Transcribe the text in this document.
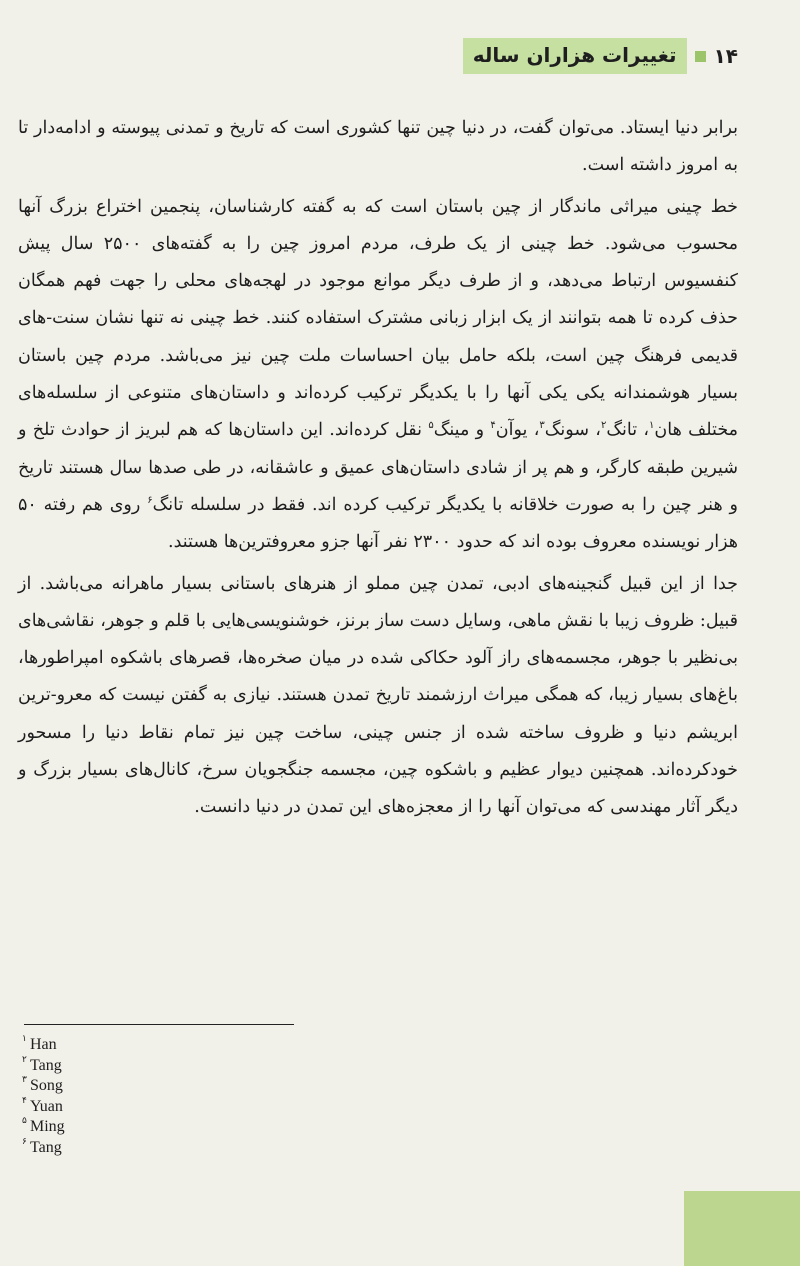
۱۴
تغییرات هزاران ساله

برابر دنیا ایستاد. می‌توان گفت، در دنیا چین تنها کشوری است که تاریخ و تمدنی پیوسته و ادامه‌دار تا به امروز داشته است.

خط چینی میراثی ماندگار از چین باستان است که به گفته کارشناسان، پنجمین اختراع بزرگ آنها محسوب می‌شود. خط چینی از یک طرف، مردم امروز چین را به گفته‌های ۲۵۰۰ سال پیش کنفسیوس ارتباط می‌دهد، و از طرف دیگر موانع موجود در لهجه‌های محلی را جهت فهم همگان حذف کرده تا همه بتوانند از یک ابزار زبانی مشترک استفاده کنند. خط چینی نه تنها نشان سنت-های قدیمی فرهنگ چین است، بلکه حامل بیان احساسات ملت چین نیز می‌باشد. مردم چین باستان بسیار هوشمندانه یکی یکی آنها را با یکدیگر ترکیب کرده‌اند و داستان‌های متنوعی از سلسله‌های مختلف هان$^۱$، تانگ$^۲$، سونگ$^۳$، یوآن$^۴$ و مینگ$^۵$ نقل کرده‌اند. این داستان‌ها که هم لبریز از حوادث تلخ و شیرین طبقه کارگر، و هم پر از شادی داستان‌های عمیق و عاشقانه، در طی صدها سال هستند تاریخ و هنر چین را به صورت خلاقانه با یکدیگر ترکیب کرده اند. فقط در سلسله تانگ$^۶$ روی هم رفته ۵۰ هزار نویسنده معروف بوده اند که حدود ۲۳۰۰ نفر آنها جزو معروفترین‌ها هستند.

جدا از این قبیل گنجینه‌های ادبی، تمدن چین مملو از هنرهای باستانی بسیار ماهرانه می‌باشد. از قبیل: ظروف زیبا با نقش ماهی، وسایل دست ساز برنز، خوشنویسی‌هایی با قلم و جوهر، نقاشی‌های بی‌نظیر با جوهر، مجسمه‌های راز آلود حکاکی شده در میان صخره‌ها، قصرهای باشکوه امپراطورها، باغ‌های بسیار زیبا، که همگی میراث ارزشمند تاریخ تمدن هستند. نیازی به گفتن نیست که معرو-ترین ابریشم دنیا و ظروف ساخته شده از جنس چینی، ساخت چین نیز تمام نقاط دنیا را مسحور خودکرده‌اند. همچنین دیوار عظیم و باشکوه چین، مجسمه جنگجویان سرخ، کانال‌های بسیار بزرگ و دیگر آثار مهندسی که می‌توان آنها را از معجزه‌های این تمدن در دنیا دانست.

۱ Han
۲ Tang
۳ Song
۴ Yuan
۵ Ming
۶ Tang
